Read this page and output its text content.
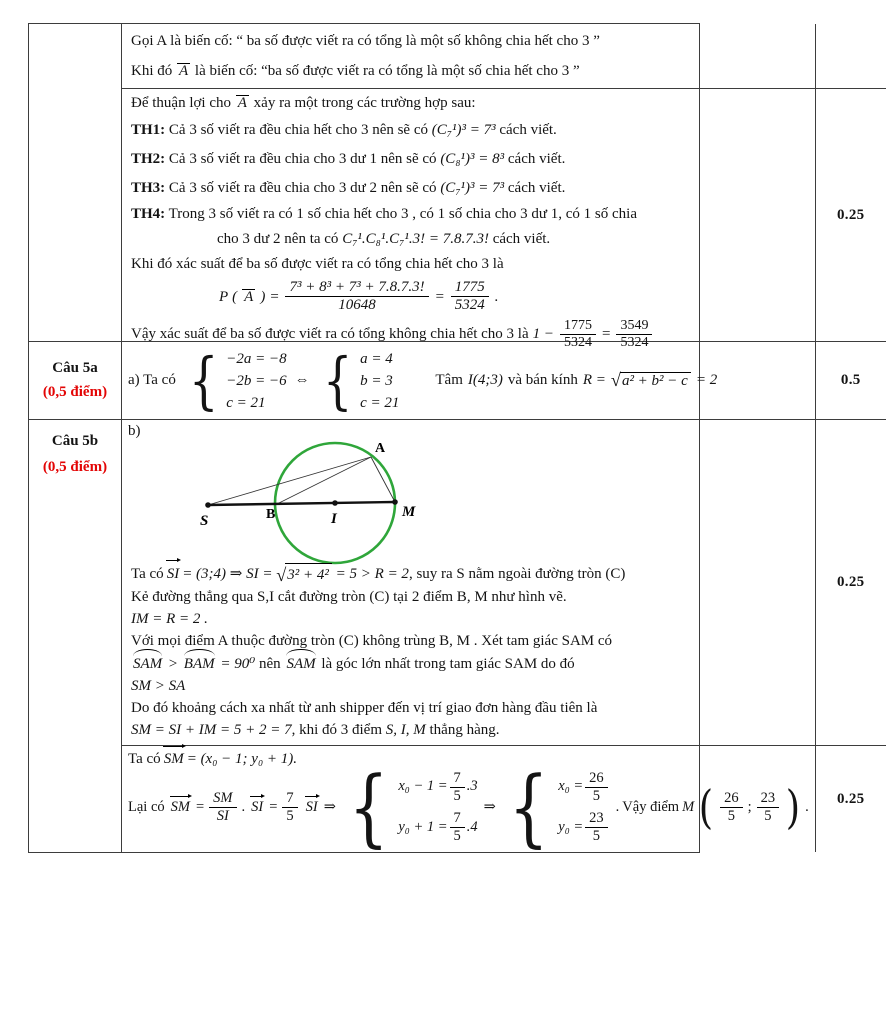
Gọi A là biến cố: “ ba số được viết ra có tổng là một số không chia hết cho 3 ”

Khi đó A là biến cố: “ba số được viết ra có tổng là một số chia hết cho 3 ”

Để thuận lợi cho A xảy ra một trong các trường hợp sau:

TH1: Cả 3 số viết ra đều chia hết cho 3 nên sẽ có (C₇¹)³ = 7³ cách viết.

TH2: Cả 3 số viết ra đều chia cho 3 dư 1 nên sẽ có (C₈¹)³ = 8³ cách viết.

TH3: Cả 3 số viết ra đều chia cho 3 dư 2 nên sẽ có (C₇¹)³ = 7³ cách viết.

TH4: Trong 3 số viết ra có 1 số chia hết cho 3 , có 1 số chia cho 3 dư 1, có 1 số chia

cho 3 dư 2 nên ta có C₇¹.C₈¹.C₇¹.3! = 7.8.7.3! cách viết.

Khi đó xác suất để ba số được viết ra có tổng chia hết cho 3 là

P ( A ) = $\frac{\text{7³ + 8³ + 7³ + 7.8.7.3!}}{10648} = \frac{1775}{5324}$ .
Vậy xác suất để ba số được viết ra có tổng không chia hết cho 3 là $1 - \frac{1775}{5324} = \frac{3549}{5324}$
0.25
Câu 5a
(0,5 điểm)
a) Ta có { −2a = −8
−2b = −6
c = 21
⇔ { a = 4
b = 3
c = 21
Tâm I(4;3) và bán kính R = √ a² + b² − c = 2	0.5
Câu 5b
(0,5 điểm)
b)
S	B	I	M
A

Ta có SI = (3;4) ⇒ SI = √ 3² + 4² = 5 > R = 2, suy ra S nằm ngoài đường tròn (C)

Kẻ đường thẳng qua S,I cắt đường tròn (C) tại 2 điểm B, M như hình vẽ.

IM = R = 2 .

Với mọi điểm A thuộc đường tròn (C) không trùng B, M . Xét tam giác SAM có

SAM > BAM = 90⁰ nên SAM là góc lớn nhất trong tam giác SAM do đó

SM > SA

Do đó khoảng cách xa nhất từ anh shipper đến vị trí giao đơn hàng đầu tiên là

SM = SI + IM = 5 + 2 = 7, khi đó 3 điểm S, I, M thẳng hàng.

0.25

Ta có SM = (x₀ − 1; y₀ + 1).

Lại có SM = $\frac{SM}{SI}$ . SI = $\frac{7}{5}$ SI ⇒ { $x_0 - 1 = \frac{7}{5} .3$
$y_0 + 1 = \frac{7}{5} .4$
⇒ { $x_0 = \frac{26}{5}$
$y_0 = \frac{23}{5}$
. Vậy điểm M ( $\frac{26}{5}$ ; $\frac{23}{5}$ ) .
0.25
